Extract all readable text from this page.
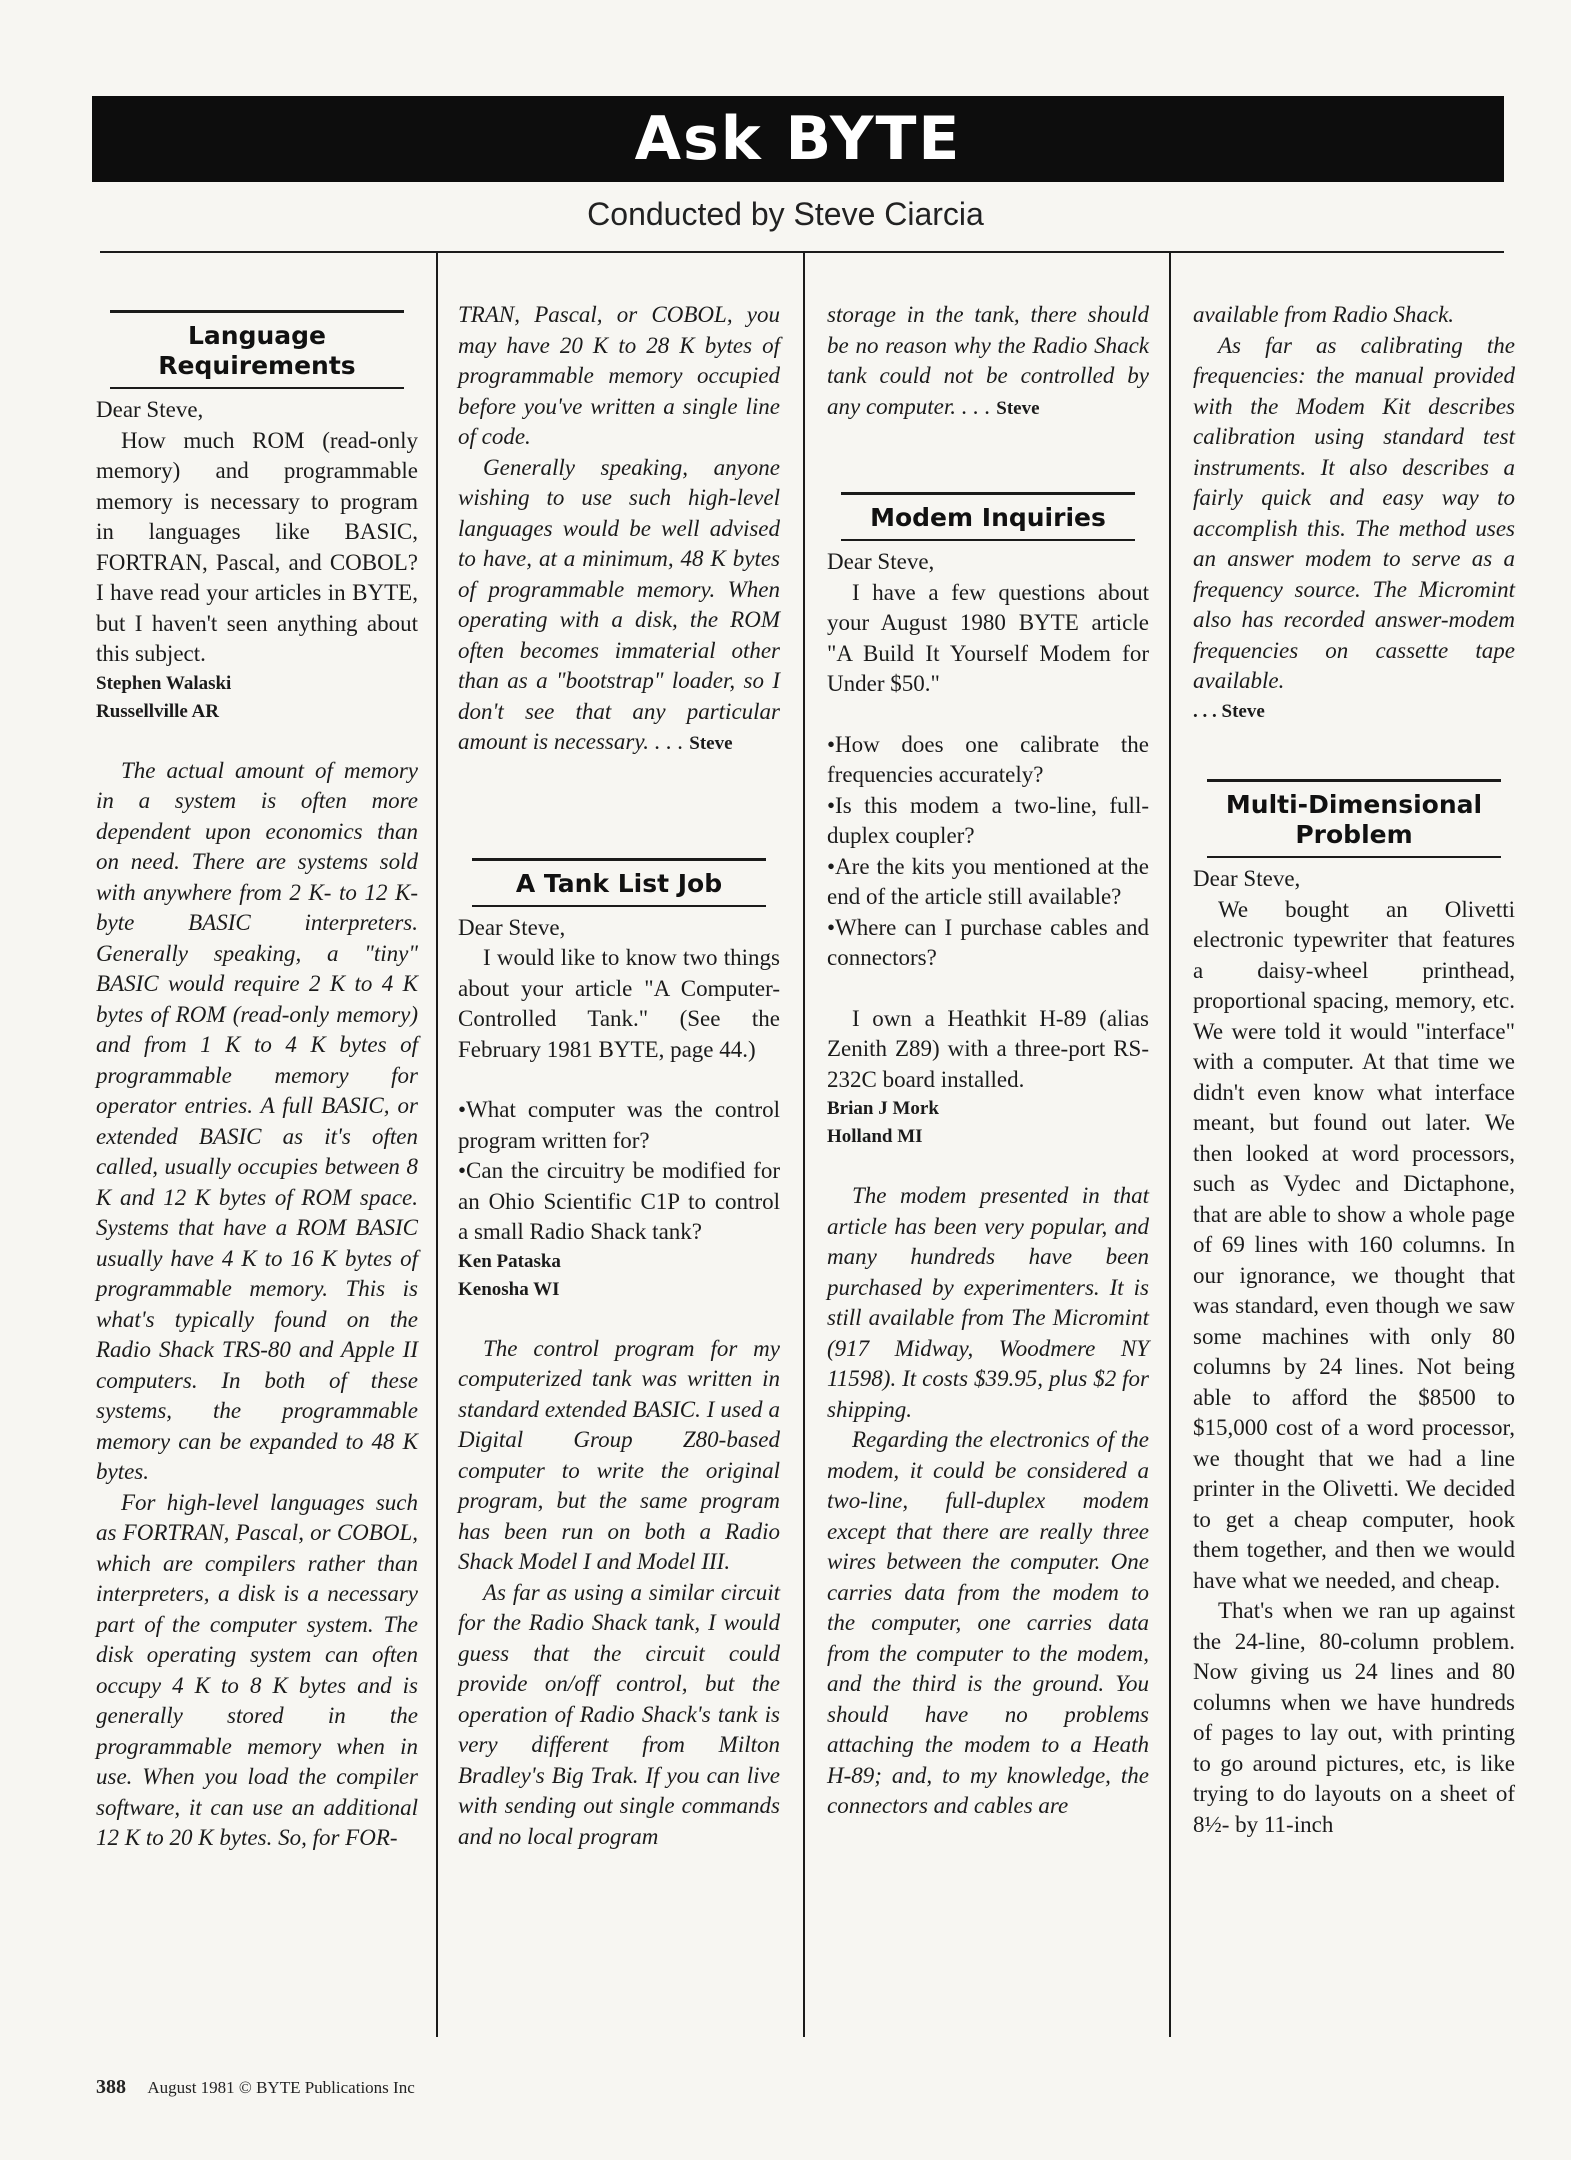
Ask BYTE
Conducted by Steve Ciarcia
Language Requirements

Dear Steve,

How much ROM (read-only memory) and programmable memory is necessary to program in languages like BASIC, FORTRAN, Pascal, and COBOL? I have read your articles in BYTE, but I haven't seen anything about this subject.

Stephen Walaski

Russellville AR

The actual amount of memory in a system is often more dependent upon economics than on need. There are systems sold with anywhere from 2 K- to 12 K-byte BASIC interpreters. Generally speaking, a "tiny" BASIC would require 2 K to 4 K bytes of ROM (read-only memory) and from 1 K to 4 K bytes of programmable memory for operator entries. A full BASIC, or extended BASIC as it's often called, usually occupies between 8 K and 12 K bytes of ROM space. Systems that have a ROM BASIC usually have 4 K to 16 K bytes of programmable memory. This is what's typically found on the Radio Shack TRS-80 and Apple II computers. In both of these systems, the programmable memory can be expanded to 48 K bytes.

For high-level languages such as FORTRAN, Pascal, or COBOL, which are compilers rather than interpreters, a disk is a necessary part of the computer system. The disk operating system can often occupy 4 K to 8 K bytes and is generally stored in the programmable memory when in use. When you load the compiler software, it can use an additional 12 K to 20 K bytes. So, for FOR-

TRAN, Pascal, or COBOL, you may have 20 K to 28 K bytes of programmable memory occupied before you've written a single line of code.

Generally speaking, anyone wishing to use such high-level languages would be well advised to have, at a minimum, 48 K bytes of programmable memory. When operating with a disk, the ROM often becomes immaterial other than as a "bootstrap" loader, so I don't see that any particular amount is necessary. . . . Steve

A Tank List Job

Dear Steve,

I would like to know two things about your article "A Computer-Controlled Tank." (See the February 1981 BYTE, page 44.)

•What computer was the control program written for?

•Can the circuitry be modified for an Ohio Scientific C1P to control a small Radio Shack tank?

Ken Pataska

Kenosha WI

The control program for my computerized tank was written in standard extended BASIC. I used a Digital Group Z80-based computer to write the original program, but the same program has been run on both a Radio Shack Model I and Model III.

As far as using a similar circuit for the Radio Shack tank, I would guess that the circuit could provide on/off control, but the operation of Radio Shack's tank is very different from Milton Bradley's Big Trak. If you can live with sending out single commands and no local program

storage in the tank, there should be no reason why the Radio Shack tank could not be controlled by any computer. . . . Steve

Modem Inquiries

Dear Steve,

I have a few questions about your August 1980 BYTE article "A Build It Yourself Modem for Under $50."

•How does one calibrate the frequencies accurately?

•Is this modem a two-line, full-duplex coupler?

•Are the kits you mentioned at the end of the article still available?

•Where can I purchase cables and connectors?

I own a Heathkit H-89 (alias Zenith Z89) with a three-port RS-232C board installed.

Brian J Mork

Holland MI

The modem presented in that article has been very popular, and many hundreds have been purchased by experimenters. It is still available from The Micromint (917 Midway, Woodmere NY 11598). It costs $39.95, plus $2 for shipping.

Regarding the electronics of the modem, it could be considered a two-line, full-duplex modem except that there are really three wires between the computer. One carries data from the modem to the computer, one carries data from the computer to the modem, and the third is the ground. You should have no problems attaching the modem to a Heath H-89; and, to my knowledge, the connectors and cables are

available from Radio Shack.

As far as calibrating the frequencies: the manual provided with the Modem Kit describes calibration using standard test instruments. It also describes a fairly quick and easy way to accomplish this. The method uses an answer modem to serve as a frequency source. The Micromint also has recorded answer-modem frequencies on cassette tape available.

. . . Steve

Multi-Dimensional Problem

Dear Steve,

We bought an Olivetti electronic typewriter that features a daisy-wheel printhead, proportional spacing, memory, etc. We were told it would "interface" with a computer. At that time we didn't even know what interface meant, but found out later. We then looked at word processors, such as Vydec and Dictaphone, that are able to show a whole page of 69 lines with 160 columns. In our ignorance, we thought that was standard, even though we saw some machines with only 80 columns by 24 lines. Not being able to afford the $8500 to $15,000 cost of a word processor, we thought that we had a line printer in the Olivetti. We decided to get a cheap computer, hook them together, and then we would have what we needed, and cheap.

That's when we ran up against the 24-line, 80-column problem. Now giving us 24 lines and 80 columns when we have hundreds of pages to lay out, with printing to go around pictures, etc, is like trying to do layouts on a sheet of 8½- by 11-inch

388 August 1981 © BYTE Publications Inc
